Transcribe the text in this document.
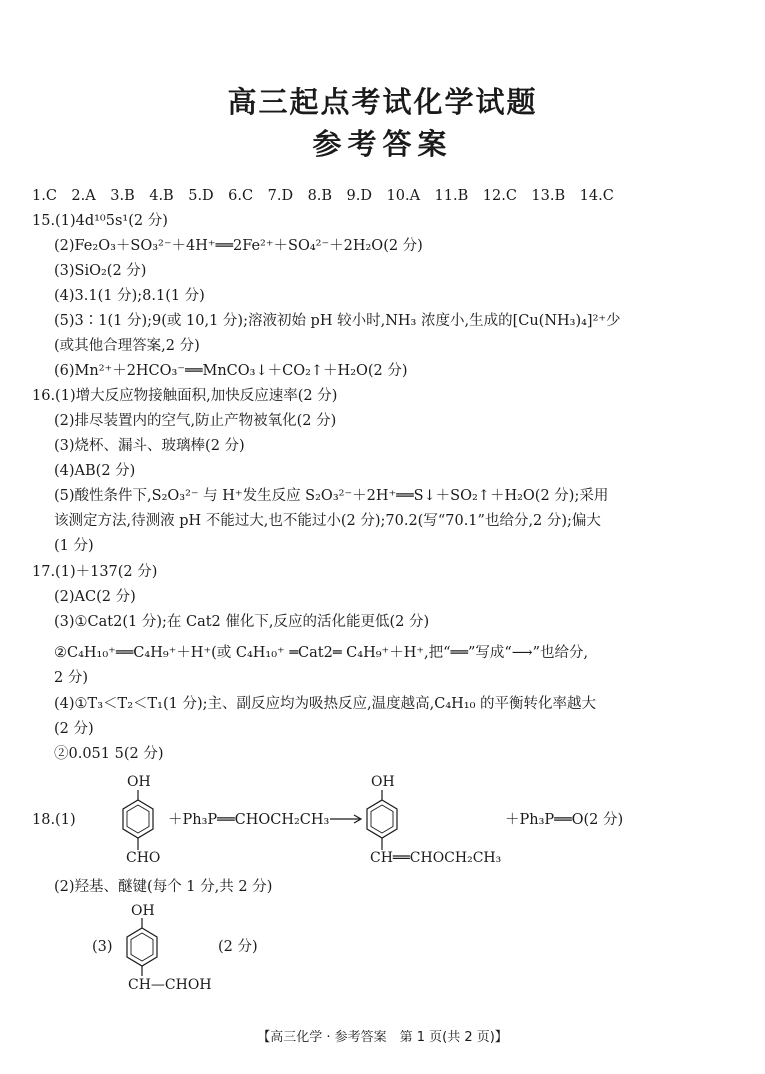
高三起点考试化学试题
参考答案
1.C　2.A　3.B　4.B　5.D　6.C　7.D　8.B　9.D　10.A　11.B　12.C　13.B　14.C
15.(1)4d¹⁰5s¹(2 分)
(2)Fe₂O₃＋SO₃²⁻＋4H⁺══2Fe²⁺＋SO₄²⁻＋2H₂O(2 分)
(3)SiO₂(2 分)
(4)3.1(1 分);8.1(1 分)
(5)3∶1(1 分);9(或 10,1 分);溶液初始 pH 较小时,NH₃ 浓度小,生成的[Cu(NH₃)₄]²⁺少
(或其他合理答案,2 分)
(6)Mn²⁺＋2HCO₃⁻══MnCO₃↓＋CO₂↑＋H₂O(2 分)
16.(1)增大反应物接触面积,加快反应速率(2 分)
(2)排尽装置内的空气,防止产物被氧化(2 分)
(3)烧杯、漏斗、玻璃棒(2 分)
(4)AB(2 分)
(5)酸性条件下,S₂O₃²⁻ 与 H⁺发生反应 S₂O₃²⁻＋2H⁺══S↓＋SO₂↑＋H₂O(2 分);采用
该测定方法,待测液 pH 不能过大,也不能过小(2 分);70.2(写“70.1”也给分,2 分);偏大
(1 分)
17.(1)＋137(2 分)
(2)AC(2 分)
(3)①Cat2(1 分);在 Cat2 催化下,反应的活化能更低(2 分)
②C₄H₁₀⁺══C₄H₉⁺＋H⁺(或 C₄H₁₀⁺ ═Cat2═ C₄H₉⁺＋H⁺,把“══”写成“⟶”也给分,
2 分)
(4)①T₃＜T₂＜T₁(1 分);主、副反应均为吸热反应,温度越高,C₄H₁₀ 的平衡转化率越大
(2 分)
②0.051 5(2 分)
18.(1)
OH
CHO
＋Ph₃P══CHOCH₂CH₃ →
OH
CH══CHOCH₂CH₃
＋Ph₃P══O(2 分)
(2)羟基、醚键(每个 1 分,共 2 分)
OH
(3)	(2 分)
CH—CHOH
【高三化学 · 参考答案　第 1 页(共 2 页)】
